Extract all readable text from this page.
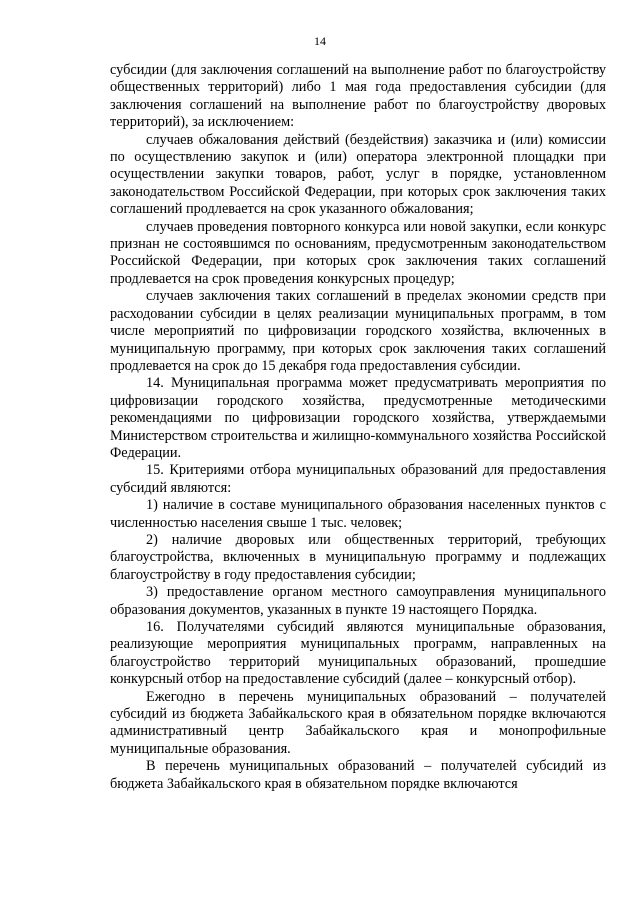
14

субсидии (для заключения соглашений на выполнение работ по благоустройству общественных территорий) либо 1 мая года предоставления субсидии (для заключения соглашений на выполнение работ по благоустройству дворовых территорий), за исключением:

случаев обжалования действий (бездействия) заказчика и (или) комиссии по осуществлению закупок и (или) оператора электронной площадки при осуществлении закупки товаров, работ, услуг в порядке, установленном законодательством Российской Федерации, при которых срок заключения таких соглашений продлевается на срок указанного обжалования;

случаев проведения повторного конкурса или новой закупки, если конкурс признан не состоявшимся по основаниям, предусмотренным законодательством Российской Федерации, при которых срок заключения таких соглашений продлевается на срок проведения конкурсных процедур;

случаев заключения таких соглашений в пределах экономии средств при расходовании субсидии в целях реализации муниципальных программ, в том числе мероприятий по цифровизации городского хозяйства, включенных в муниципальную программу, при которых срок заключения таких соглашений продлевается на срок до 15 декабря года предоставления субсидии.

14. Муниципальная программа может предусматривать мероприятия по цифровизации городского хозяйства, предусмотренные методическими рекомендациями по цифровизации городского хозяйства, утверждаемыми Министерством строительства и жилищно-коммунального хозяйства Российской Федерации.

15. Критериями отбора муниципальных образований для предоставления субсидий являются:

1) наличие в составе муниципального образования населенных пунктов с численностью населения свыше 1 тыс. человек;

2) наличие дворовых или общественных территорий, требующих благоустройства, включенных в муниципальную программу и подлежащих благоустройству в году предоставления субсидии;

3) предоставление органом местного самоуправления муниципального образования документов, указанных в пункте 19 настоящего Порядка.

16. Получателями субсидий являются муниципальные образования, реализующие мероприятия муниципальных программ, направленных на благоустройство территорий муниципальных образований, прошедшие конкурсный отбор на предоставление субсидий (далее – конкурсный отбор).

Ежегодно в перечень муниципальных образований – получателей субсидий из бюджета Забайкальского края в обязательном порядке включаются административный центр Забайкальского края и монопрофильные муниципальные образования.

В перечень муниципальных образований – получателей субсидий из бюджета Забайкальского края в обязательном порядке включаются
